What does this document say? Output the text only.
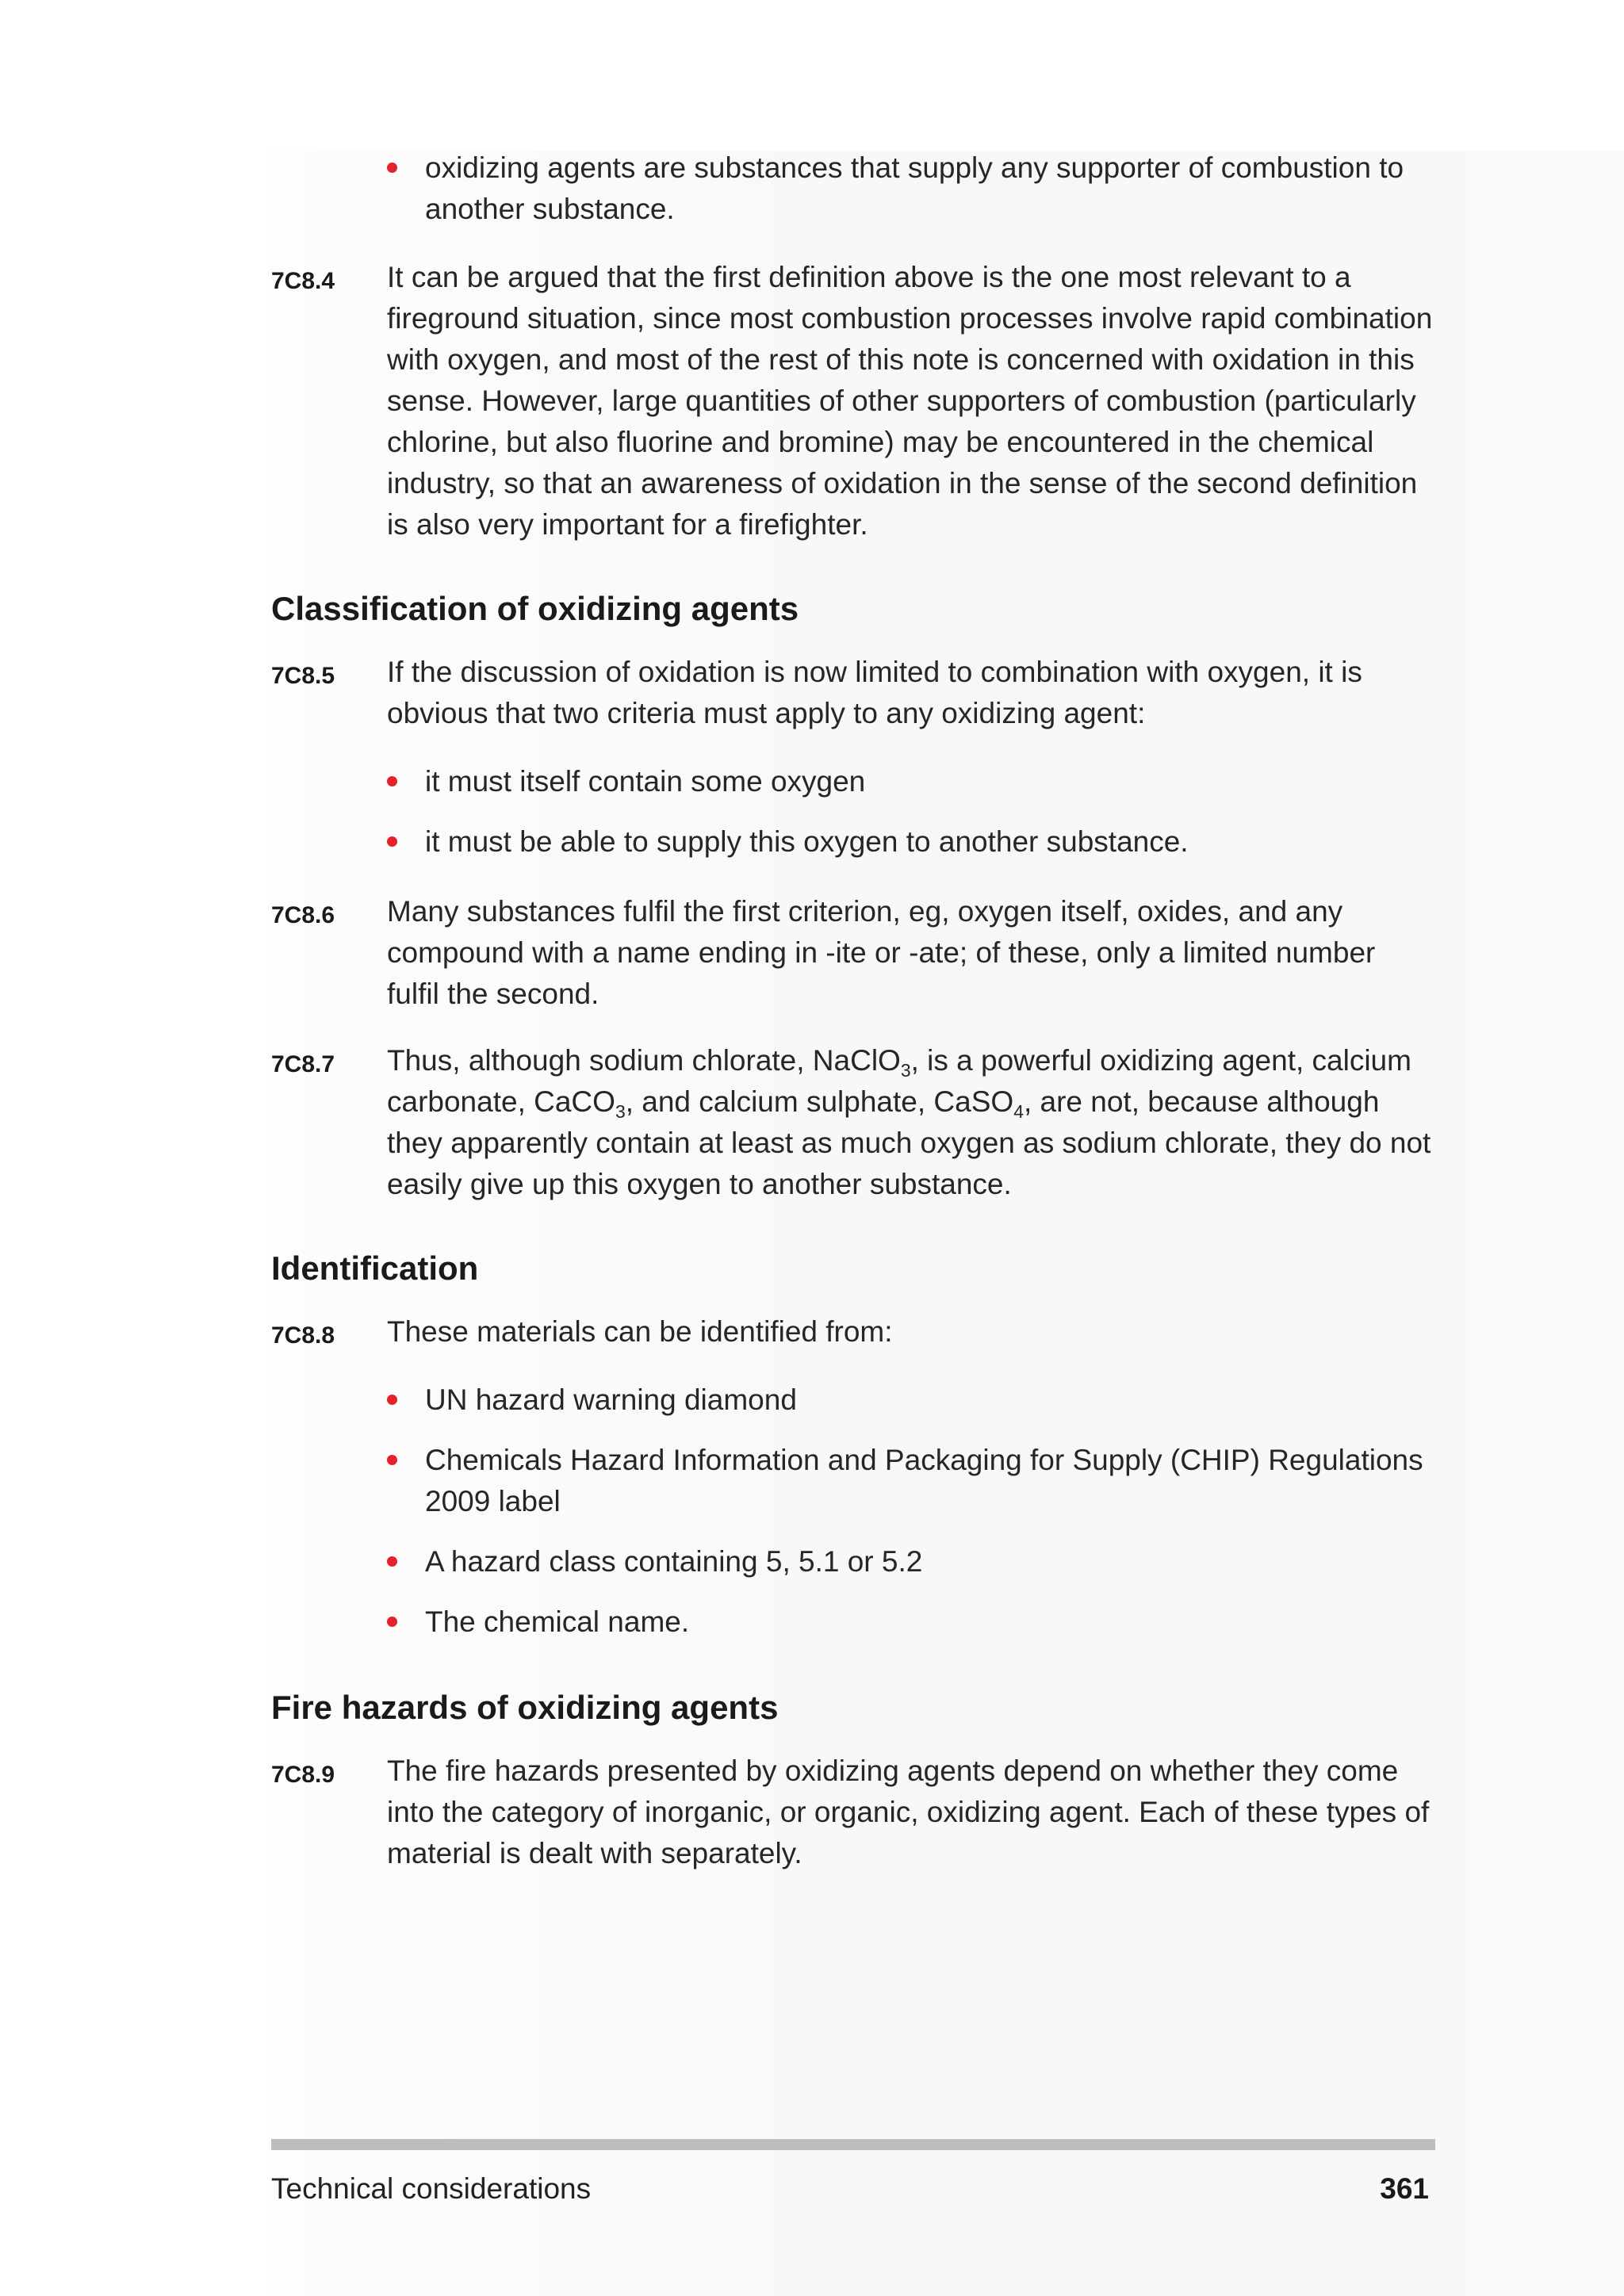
oxidizing agents are substances that supply any supporter of combustion to another substance.

7C8.4 It can be argued that the first definition above is the one most relevant to a fireground situation, since most combustion processes involve rapid combination with oxygen, and most of the rest of this note is concerned with oxidation in this sense. However, large quantities of other supporters of combustion (particularly chlorine, but also fluorine and bromine) may be encountered in the chemical industry, so that an awareness of oxidation in the sense of the second definition is also very important for a firefighter.

Classification of oxidizing agents
7C8.5 If the discussion of oxidation is now limited to combination with oxygen, it is obvious that two criteria must apply to any oxidizing agent:

it must itself contain some oxygen

it must be able to supply this oxygen to another substance.

7C8.6 Many substances fulfil the first criterion, eg, oxygen itself, oxides, and any compound with a name ending in -ite or -ate; of these, only a limited number fulfil the second.

7C8.7 Thus, although sodium chlorate, NaClO$_3$, is a powerful oxidizing agent, calcium carbonate, CaCO$_3$, and calcium sulphate, CaSO$_4$, are not, because although they apparently contain at least as much oxygen as sodium chlorate, they do not easily give up this oxygen to another substance.

Identification
7C8.8 These materials can be identified from:

UN hazard warning diamond

Chemicals Hazard Information and Packaging for Supply (CHIP) Regulations 2009 label

A hazard class containing 5, 5.1 or 5.2

The chemical name.

Fire hazards of oxidizing agents
7C8.9 The fire hazards presented by oxidizing agents depend on whether they come into the category of inorganic, or organic, oxidizing agent. Each of these types of material is dealt with separately.

Technical considerations	361
